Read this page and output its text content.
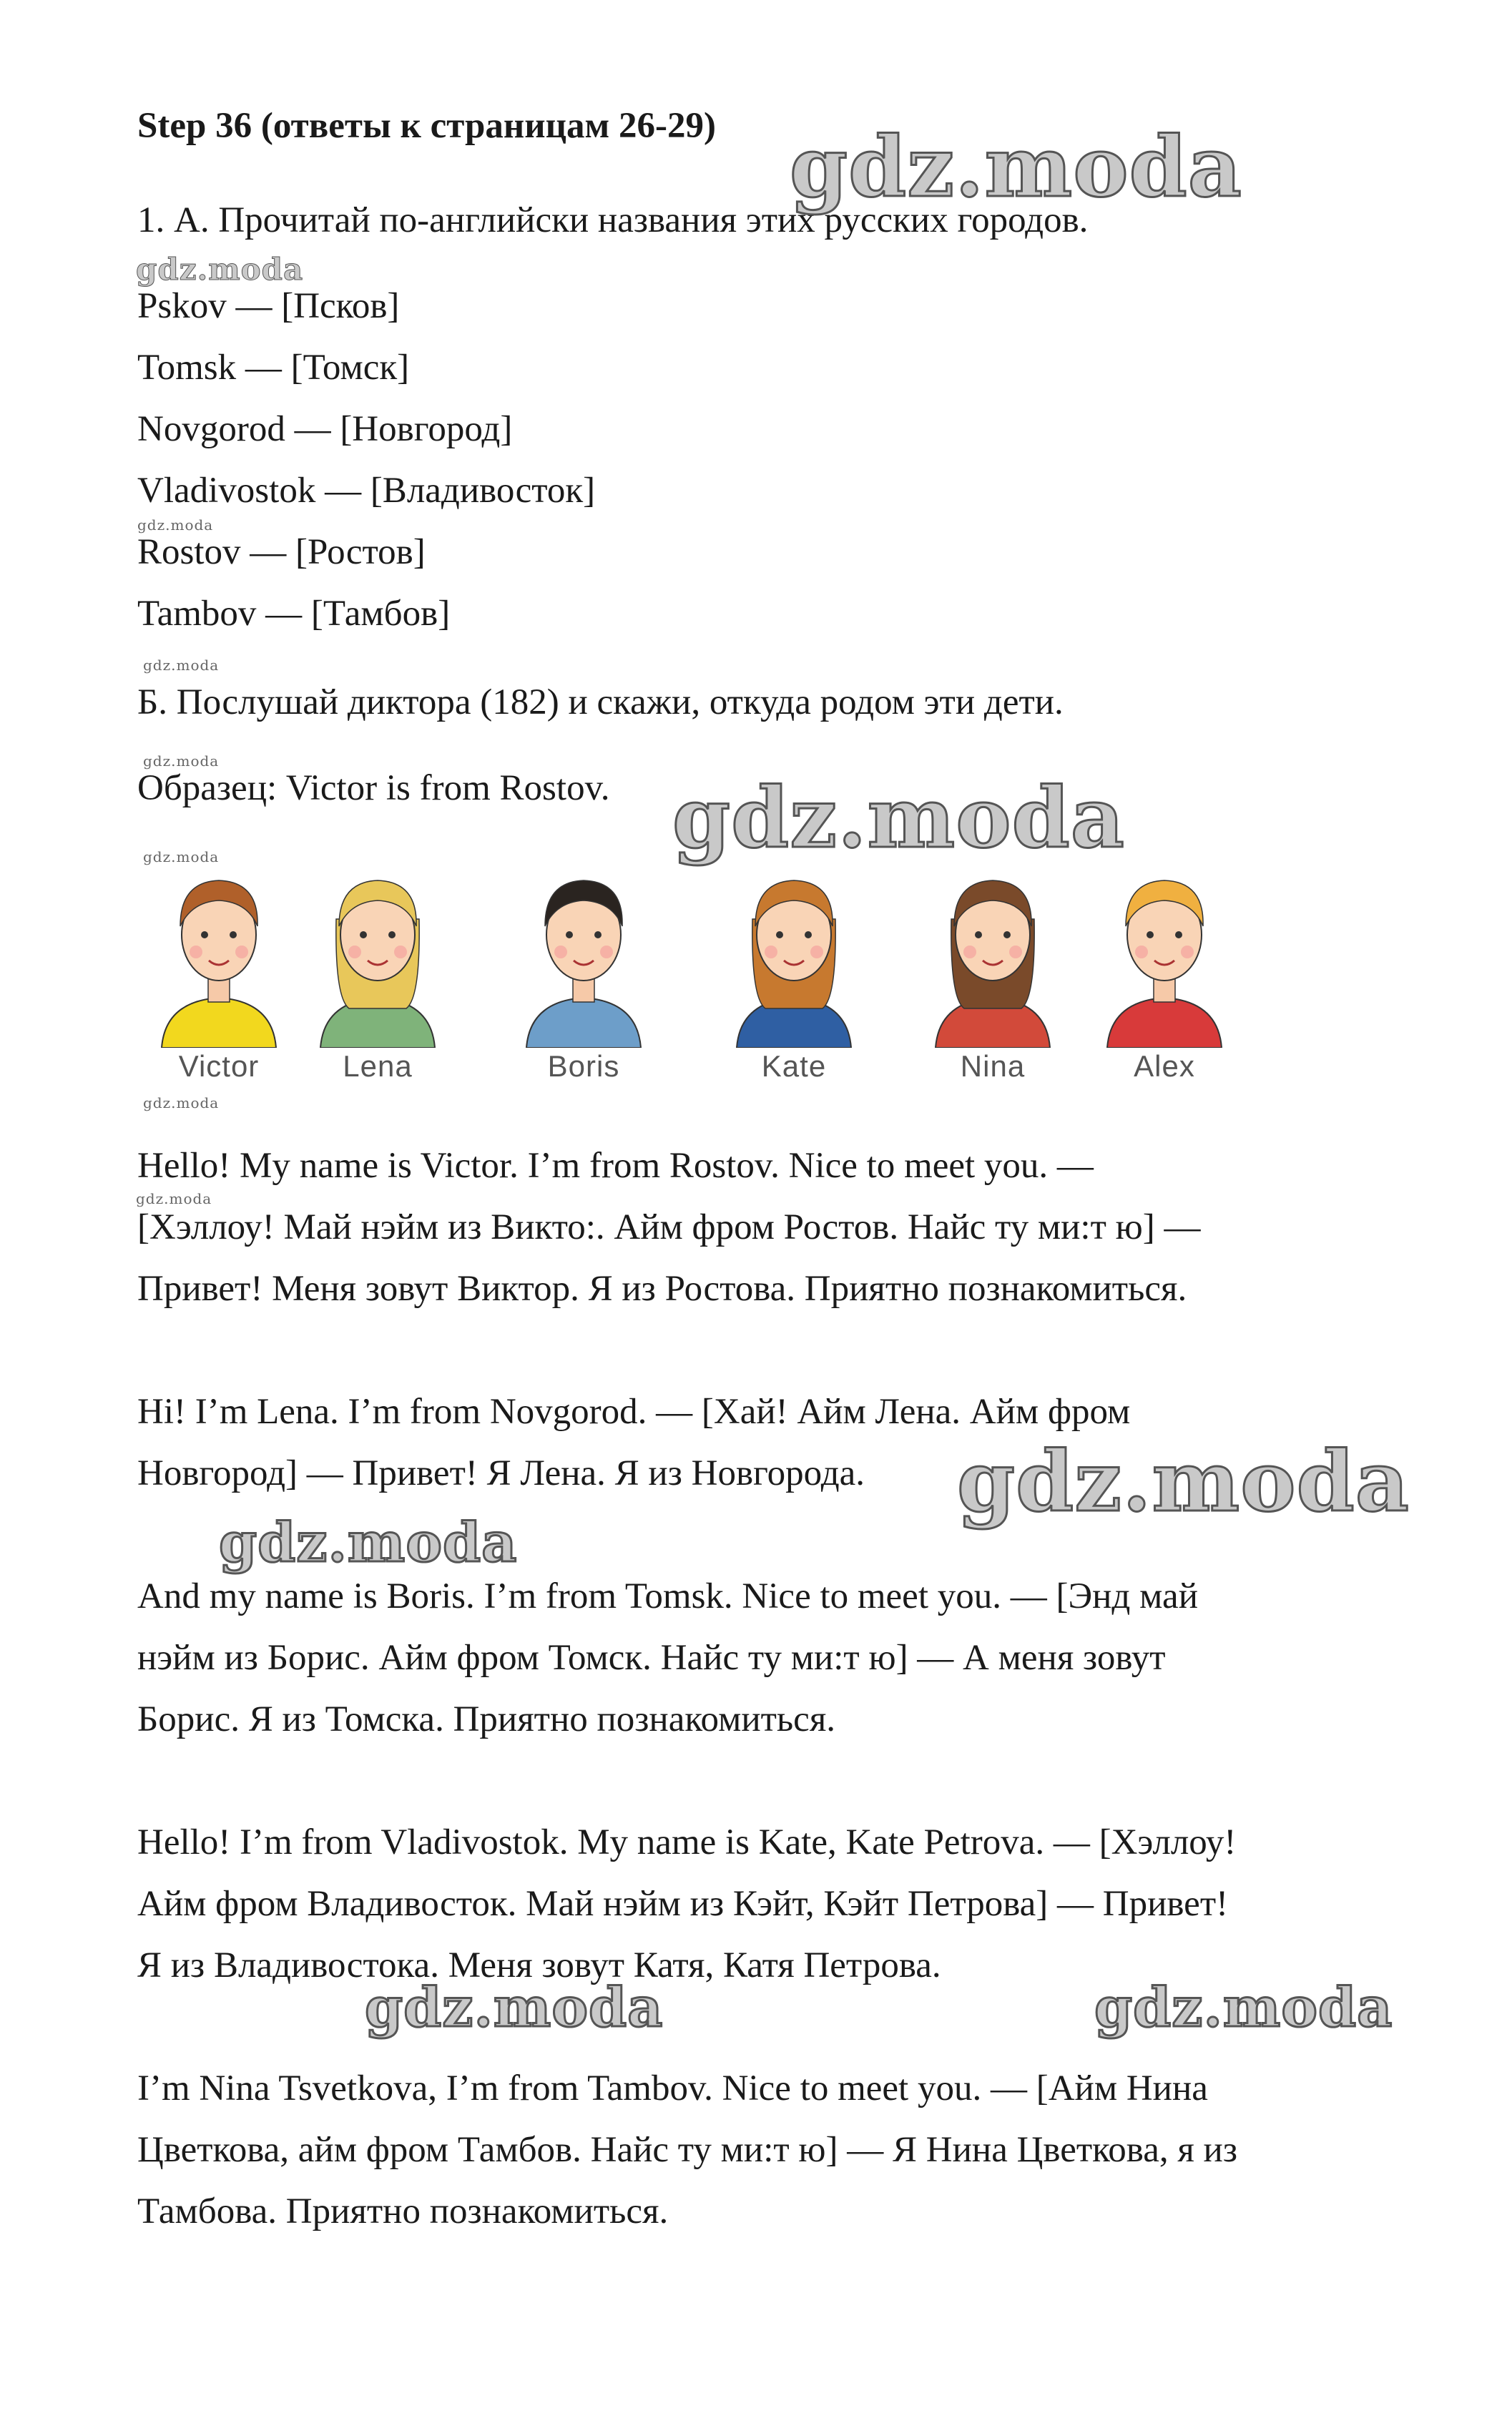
Step 36 (ответы к страницам 26-29)
1. А. Прочитай по-английски названия этих русских городов.
Pskov — [Псков]
Tomsk — [Томск]
Novgorod — [Новгород]
Vladivostok — [Владивосток]
Rostov — [Ростов]
Tambov — [Тамбов]
Б. Послушай диктора (182) и скажи, откуда родом эти дети.
Образец: Victor is from Rostov.
Victor	Lena	Boris	Kate	Nina	Alex
Hello! My name is Victor. I’m from Rostov. Nice to meet you. —
[Хэллоу! Май нэйм из Викто:. Айм фром Ростов. Найс ту ми:т ю] —
Привет! Меня зовут Виктор. Я из Ростова. Приятно познакомиться.
Hi! I’m Lena. I’m from Novgorod. — [Хай! Айм Лена. Айм фром
Новгород] — Привет! Я Лена. Я из Новгорода.
And my name is Boris. I’m from Tomsk. Nice to meet you. — [Энд май
нэйм из Борис. Айм фром Томск. Найс ту ми:т ю] — А меня зовут
Борис. Я из Томска. Приятно познакомиться.
Hello! I’m from Vladivostok. My name is Kate, Kate Petrova. — [Хэллоу!
Айм фром Владивосток. Май нэйм из Кэйт, Кэйт Петрова] — Привет!
Я из Владивостока. Меня зовут Катя, Катя Петрова.
I’m Nina Tsvetkova, I’m from Tambov. Nice to meet you. — [Айм Нина
Цветкова, айм фром Тамбов. Найс ту ми:т ю] — Я Нина Цветкова, я из
Тамбова. Приятно познакомиться.
gdz.moda
gdz.moda
gdz.moda
gdz.moda
gdz.moda
gdz.moda
gdz.moda
gdz.moda
gdz.moda
gdz.moda
gdz.moda
gdz.moda	gdz.moda
